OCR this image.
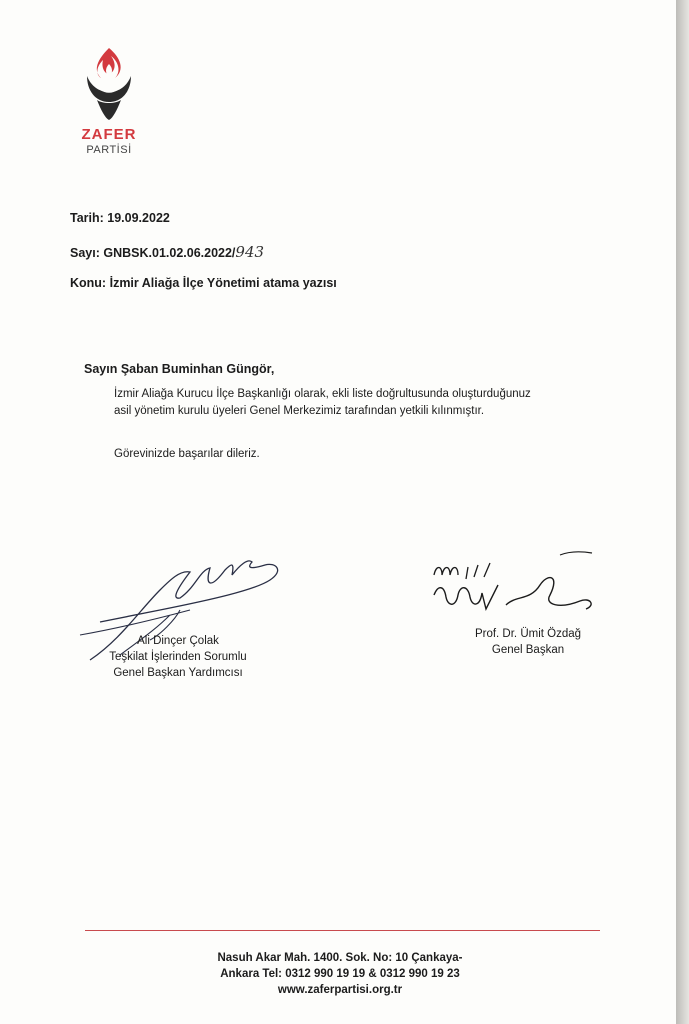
ZAFER
PARTİSİ
Tarih: 19.09.2022
Sayı: GNBSK.01.02.06.2022/943
Konu: İzmir Aliağa İlçe Yönetimi atama yazısı
Sayın Şaban Buminhan Güngör,
İzmir Aliağa Kurucu İlçe Başkanlığı olarak, ekli liste doğrultusunda oluşturduğunuz asil yönetim kurulu üyeleri Genel Merkezimiz tarafından yetkili kılınmıştır.
Görevinizde başarılar dileriz.
Ali Dinçer Çolak
Teşkilat İşlerinden Sorumlu
Genel Başkan Yardımcısı
Prof. Dr. Ümit Özdağ
Genel Başkan
Nasuh Akar Mah. 1400. Sok. No: 10 Çankaya-
Ankara Tel: 0312 990 19 19 & 0312 990 19 23
www.zaferpartisi.org.tr
